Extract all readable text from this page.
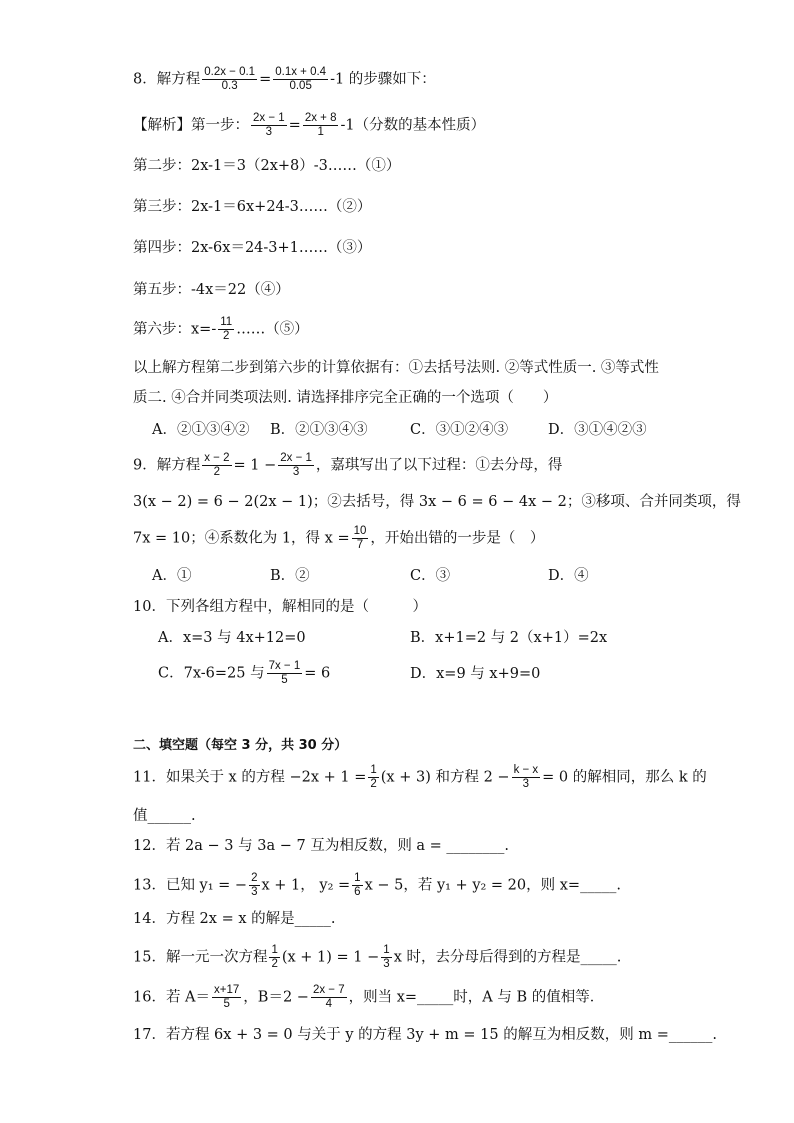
8．解方程 $\frac{0.2x - 0.1}{0.3} = \frac{0.1x + 0.4}{0.05} -1$ 的步骤如下：
【解析】第一步： $\frac{2x - 1}{3} = \frac{2x + 8}{1} -1$（分数的基本性质）
第二步：2x-1＝3（2x+8）-3……（①）
第三步：2x-1＝6x+24-3……（②）
第四步：2x-6x＝24-3+1……（③）
第五步：-4x＝22（④）
第六步：$x=- \frac{11}{2}$ ……（⑤）
以上解方程第二步到第六步的计算依据有：①去括号法则. ②等式性质一. ③等式性
质二. ④合并同类项法则. 请选择排序完全正确的一个选项（　　）
A．②①③④② B．②①③④③	C．③①②④③	D．③①④②③
9．解方程 $\frac{x - 2}{2} = 1 - \frac{2x - 1}{3}$ ，嘉琪写出了以下过程：①去分母，得
3(x − 2) = 6 − 2(2x − 1)；②去括号，得 3x − 6 = 6 − 4x − 2；③移项、合并同类项，得
7x = 10；④系数化为 1，得 $x = \frac{10}{7}$ ，开始出错的一步是（　）
A．①	B．②	C．③	D．④
10．下列各组方程中，解相同的是（　　　）
A．x=3 与 4x+12=0	B．x+1=2 与 2（x+1）=2x
C．7x-6=25 与 $\frac{7x - 1}{5} = 6$	D．x=9 与 x+9=0
二、填空题（每空 3 分，共 30 分）
11．如果关于 x 的方程 $-2x + 1 = \frac{1}{2} (x + 3)$ 和方程 $2 - \frac{k - x}{3} = 0$ 的解相同，那么 k 的
值______.
12．若 2a − 3 与 3a − 7 互为相反数，则 a = ________.
13．已知 y₁ = − $\frac{2}{3}$ x + 1， $y_2 = \frac{1}{6}$ x − 5，若 y₁ + y₂ = 20，则 x=_____.
14．方程 2x = x 的解是_____.
15．解一元一次方程 $\frac{1}{2} (x + 1) = 1 - \frac{1}{3}$ x 时，去分母后得到的方程是_____.
16．若 $A= \frac{x+17}{5}$ ，$B=2 - \frac{2x - 7}{4}$ ，则当 x=_____时，A 与 B 的值相等．
17．若方程 6x + 3 = 0 与关于 y 的方程 3y + m = 15 的解互为相反数，则 m =______.
